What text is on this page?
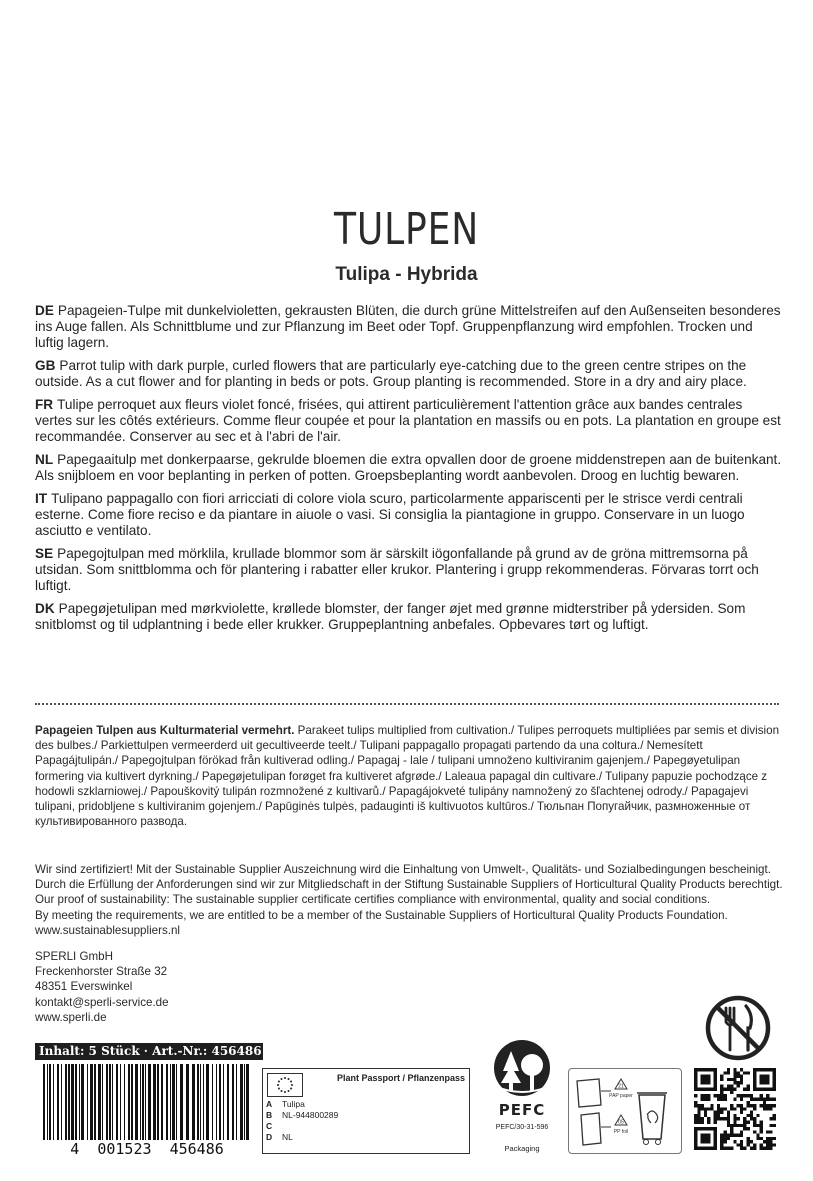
TULPEN
Tulipa - Hybrida

DE Papageien-Tulpe mit dunkelvioletten, gekrausten Blüten, die durch grüne Mittelstreifen auf den Außenseiten besonderes ins Auge fallen. Als Schnittblume und zur Pflanzung im Beet oder Topf. Gruppenpflanzung wird empfohlen. Trocken und luftig lagern.

GB Parrot tulip with dark purple, curled flowers that are particularly eye-catching due to the green centre stripes on the outside. As a cut flower and for planting in beds or pots. Group planting is recommended. Store in a dry and airy place.

FR Tulipe perroquet aux fleurs violet foncé, frisées, qui attirent particulièrement l'attention grâce aux bandes centrales vertes sur les côtés extérieurs. Comme fleur coupée et pour la plantation en massifs ou en pots. La plantation en groupe est recommandée. Conserver au sec et à l'abri de l'air.

NL Papegaaitulp met donkerpaarse, gekrulde bloemen die extra opvallen door de groene middenstrepen aan de buitenkant. Als snijbloem en voor beplanting in perken of potten. Groepsbeplanting wordt aanbevolen. Droog en luchtig bewaren.

IT Tulipano pappagallo con fiori arricciati di colore viola scuro, particolarmente appariscenti per le strisce verdi centrali esterne. Come fiore reciso e da piantare in aiuole o vasi. Si consiglia la piantagione in gruppo. Conservare in un luogo asciutto e ventilato.

SE Papegojtulpan med mörklila, krullade blommor som är särskilt iögonfallande på grund av de gröna mittremsorna på utsidan. Som snittblomma och för plantering i rabatter eller krukor. Plantering i grupp rekommenderas. Förvaras torrt och luftigt.

DK Papegøjetulipan med mørkviolette, krøllede blomster, der fanger øjet med grønne midterstriber på ydersiden. Som snitblomst og til udplantning i bede eller krukker. Gruppeplantning anbefales. Opbevares tørt og luftigt.

Papageien Tulpen aus Kulturmaterial vermehrt. Parakeet tulips multiplied from cultivation./ Tulipes perroquets multipliées par semis et division des bulbes./ Parkiettulpen vermeerderd uit gecultiveerde teelt./ Tulipani pappagallo propagati partendo da una coltura./ Nemesített Papagájtulipán./ Papegojtulpan förökad från kultiverad odling./ Papagaj - lale / tulipani umnoženo kultiviranim gajenjem./ Papegøyetulipan formering via kultivert dyrkning./ Papegøjetulipan forøget fra kultiveret afgrøde./ Laleaua papagal din cultivare./ Tulipany papuzie pochodzące z hodowli szklarniowej./ Papouškovitý tulipán rozmnožené z kultivarů./ Papagájokveté tulipány namnožený zo šľachtenej odrody./ Papagajevi tulipani, pridobljene s kultiviranim gojenjem./ Papūginės tulpės, padauginti iš kultivuotos kultūros./ Тюльпан Попугайчик, размноженные от культивированного развода.
Wir sind zertifiziert! Mit der Sustainable Supplier Auszeichnung wird die Einhaltung von Umwelt-, Qualitäts- und Sozialbedingungen bescheinigt.
Durch die Erfüllung der Anforderungen sind wir zur Mitgliedschaft in der Stiftung Sustainable Suppliers of Horticultural Quality Products berechtigt.
Our proof of sustainability: The sustainable supplier certificate certifies compliance with environmental, quality and social conditions.
By meeting the requirements, we are entitled to be a member of the Sustainable Suppliers of Horticultural Quality Products Foundation.
www.sustainablesuppliers.nl
SPERLI GmbH
Freckenhorster Straße 32
48351 Everswinkel
kontakt@sperli-service.de
www.sperli.de
Inhalt: 5 Stück · Art.-Nr.: 456486
4  001523  456486
Plant Passport / Pflanzenpass
A Tulipa
B NL-944800289
C
D NL
PEFC
PEFC/30-31-596
Packaging
21
PAP paper
05
PP foil
